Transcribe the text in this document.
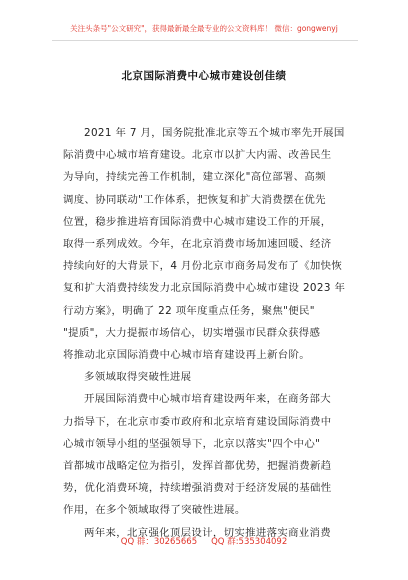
关注头条号"公文研究"，获得最新最全最专业的公文资料库！ 微信：gongwenyj
北京国际消费中心城市建设创佳绩
2021 年 7 月，国务院批准北京等五个城市率先开展国
际消费中心城市培育建设。北京市以扩大内需、改善民生
为导向，持续完善工作机制，建立深化"高位部署、高频
调度、协同联动"工作体系，把恢复和扩大消费摆在优先
位置，稳步推进培育国际消费中心城市建设工作的开展，
取得一系列成效。今年，在北京消费市场加速回暖、经济
持续向好的大背景下，4 月份北京市商务局发布了《加快恢
复和扩大消费持续发力北京国际消费中心城市建设 2023 年
行动方案》，明确了 22 项年度重点任务，聚焦"便民"
"提质"，大力提振市场信心，切实增强市民群众获得感
将推动北京国际消费中心城市培育建设再上新台阶。
多领域取得突破性进展
开展国际消费中心城市培育建设两年来，在商务部大
力指导下，在北京市委市政府和北京培育建设国际消费中
心城市领导小组的坚强领导下，北京以落实"四个中心"
首都城市战略定位为指引，发挥首都优势，把握消费新趋
势，优化消费环境，持续增强消费对于经济发展的基础性
作用，在多个领域取得了突破性进展。
两年来，北京强化顶层设计，切实推进落实商业消费
QQ 群：30265665 QQ 群:535304092
